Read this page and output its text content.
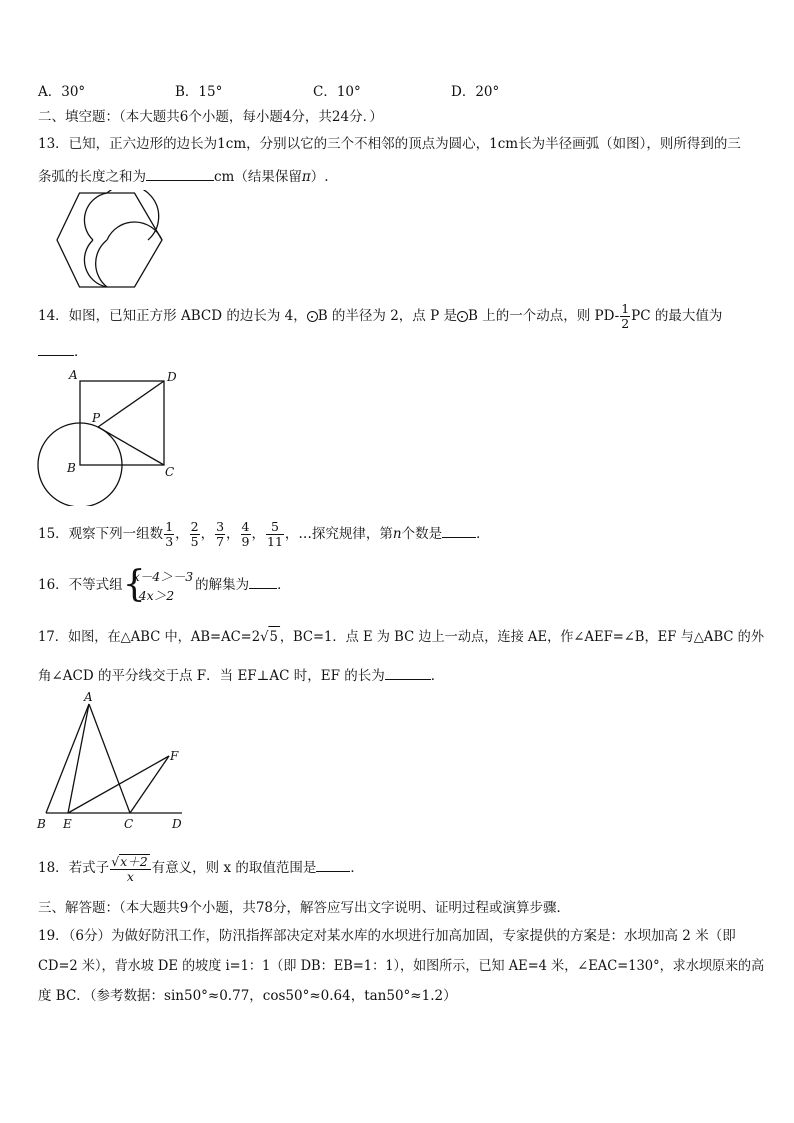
A．30°	B．15°	C．10°	D．20°
二、填空题：（本大题共6个小题，每小题4分，共24分．）
13．已知，正六边形的边长为1cm，分别以它的三个不相邻的顶点为圆心，1cm长为半径画弧（如图），则所得到的三
条弧的长度之和为	cm（结果保留π）.
14．如图，已知正方形 ABCD 的边长为 4， B 的半径为 2，点 P 是 B 上的一个动点，则 $PD- \frac{1}{2}$ PC 的最大值为
．
A	D
P
B	C
15．观察下列一组数 $\frac{1}{3}$ ， $\frac{2}{5}$ ， $\frac{3}{7}$ ， $\frac{4}{9}$ ， $\frac{5}{11}$ ，…探究规律，第n个数是	．
16．不等式组 {
x－4＞－3
4x＞2
的解集为 ．
17．如图，在△ABC 中，AB=AC=2√5 ，BC=1．点 E 为 BC 边上一动点，连接 AE，作∠AEF=∠B，EF 与△ABC 的外
角∠ACD 的平分线交于点 F．当 EF⊥AC 时，EF 的长为	．
A
F
B E	C	D
18．若式子 $\frac{√x+2}{x}$ 有意义，则 x 的取值范围是	．
三、解答题：（本大题共9个小题，共78分，解答应写出文字说明、证明过程或演算步骤．
19．（6分）为做好防汛工作，防汛指挥部决定对某水库的水坝进行加高加固，专家提供的方案是：水坝加高 2 米（即
CD=2 米），背水坡 DE 的坡度 i=1：1（即 DB：EB=1：1），如图所示，已知 AE=4 米，∠EAC=130°，求水坝原来的高
度 BC．（参考数据：sin50°≈0.77，cos50°≈0.64，tan50°≈1.2）
